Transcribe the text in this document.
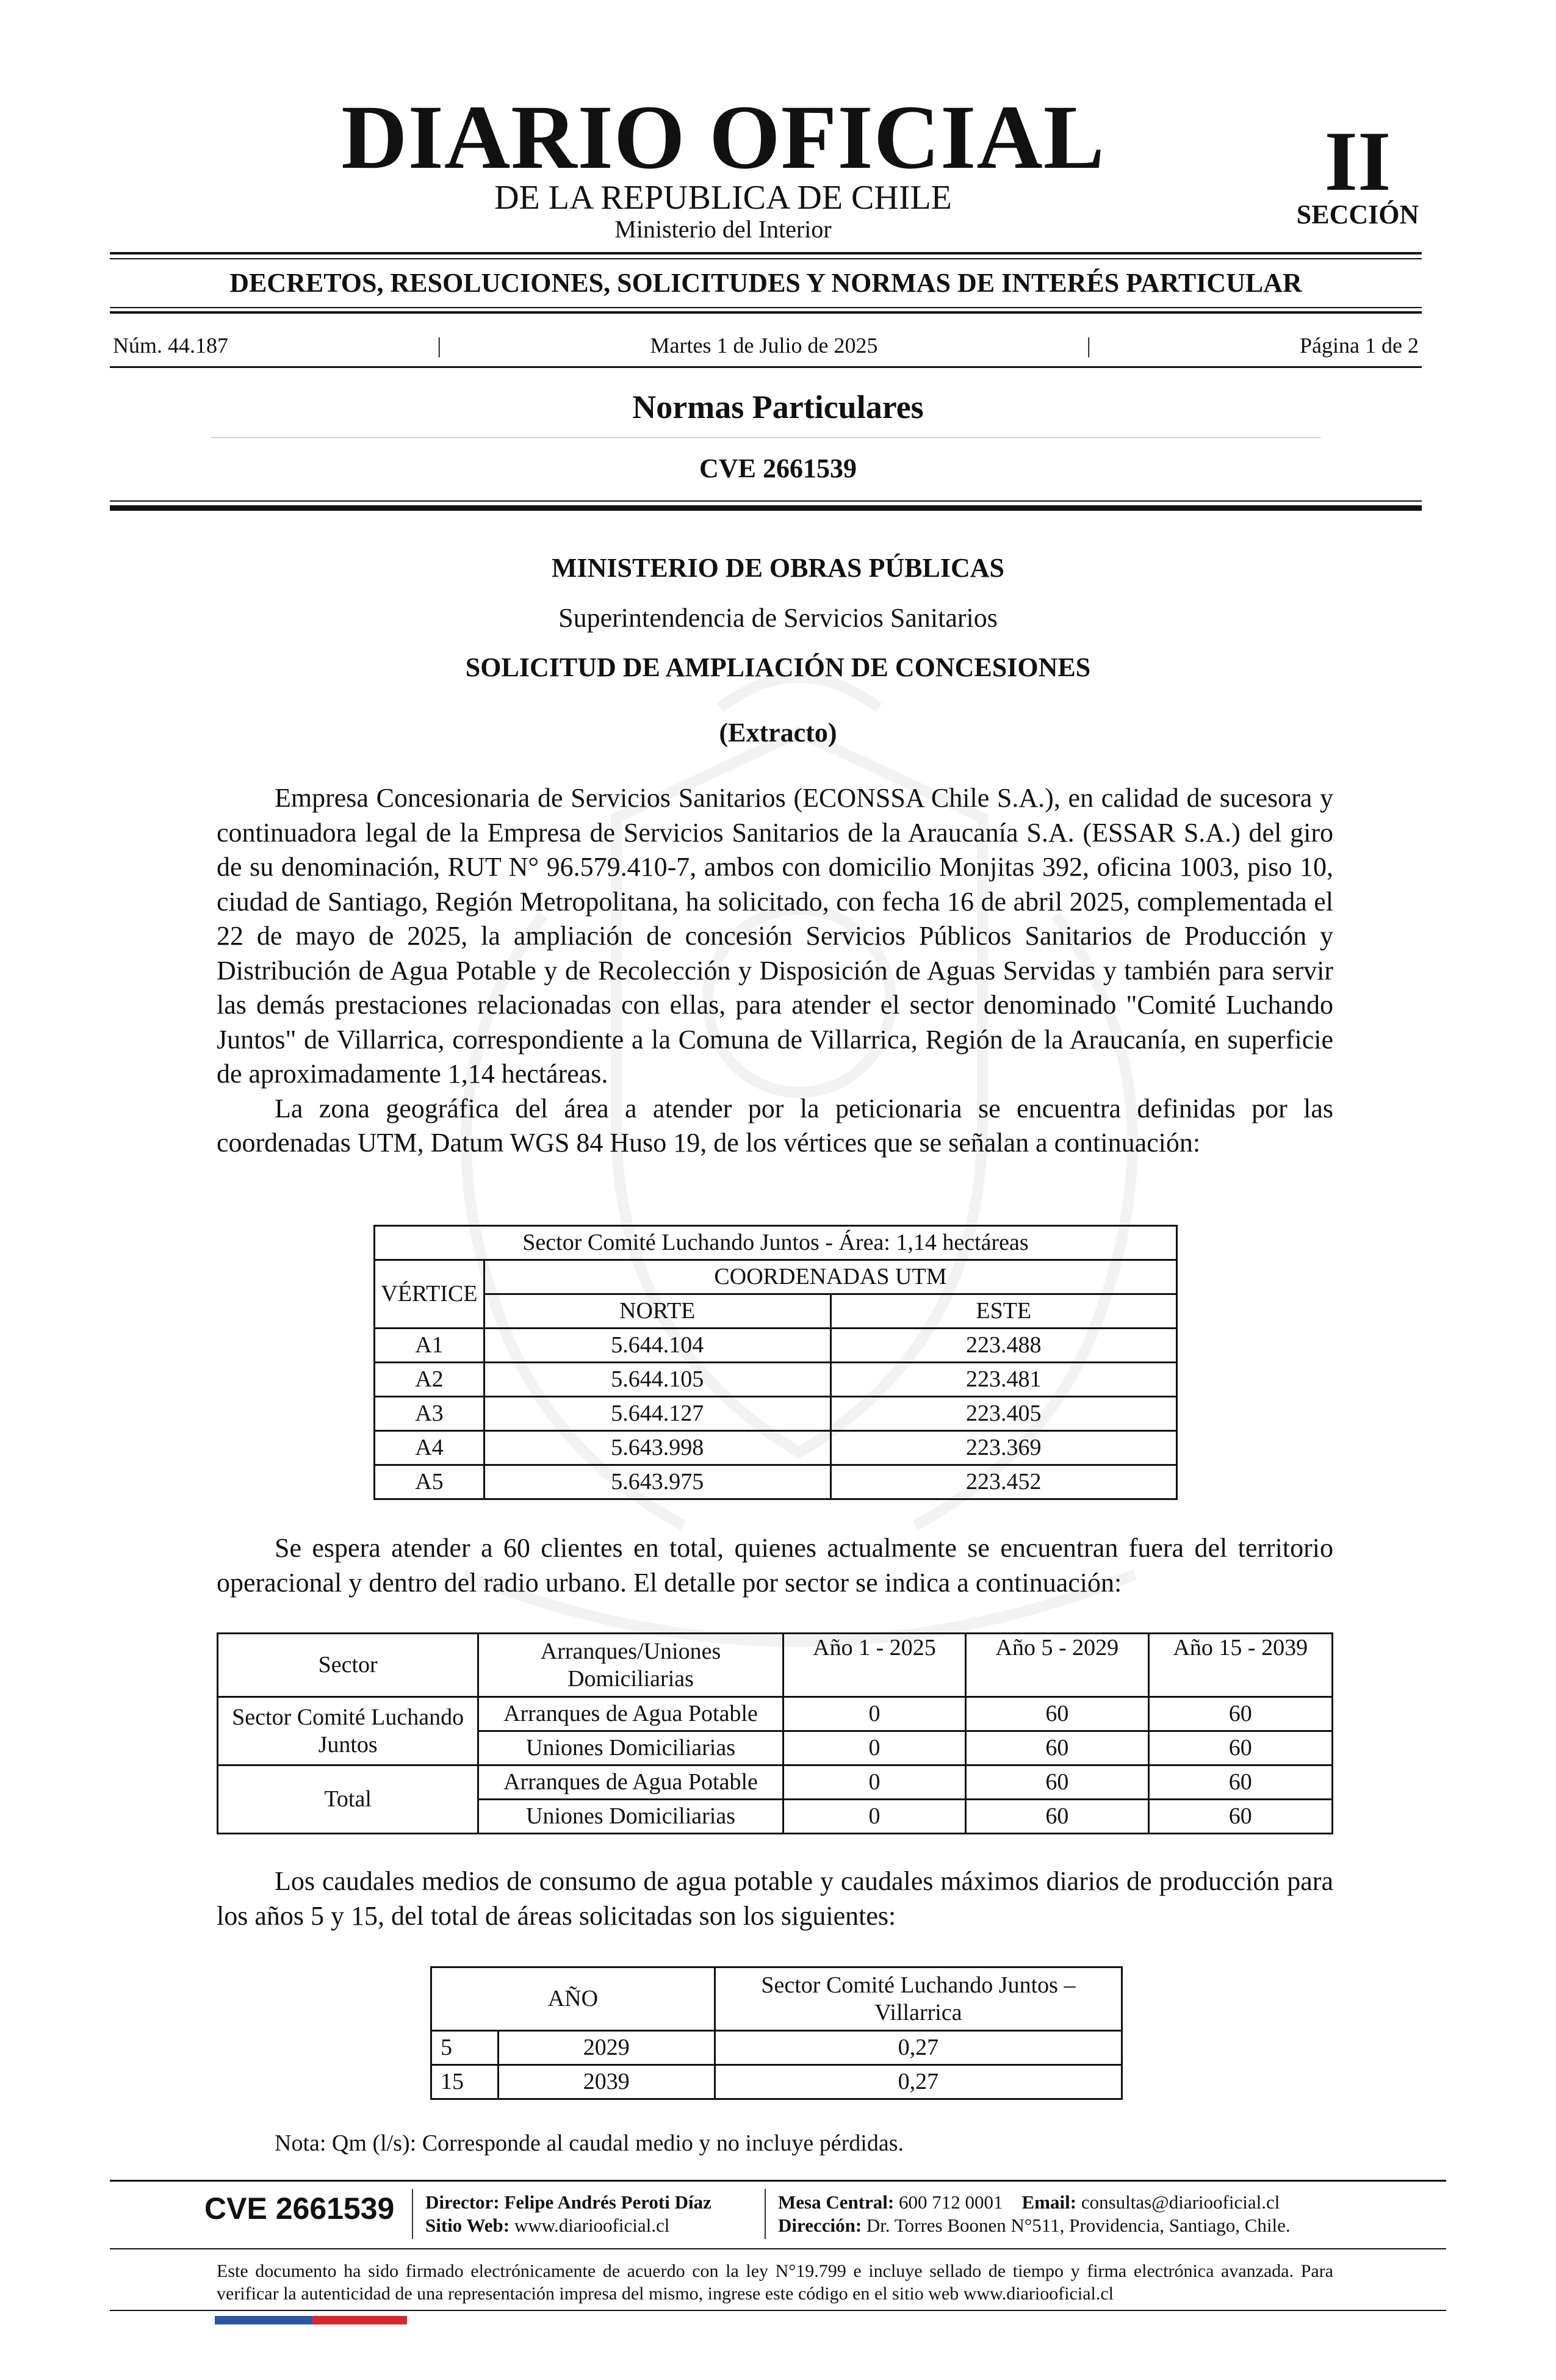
DIARIO OFICIAL
DE LA REPUBLICA DE CHILE
Ministerio del Interior
II
SECCIÓN
DECRETOS, RESOLUCIONES, SOLICITUDES Y NORMAS DE INTERÉS PARTICULAR
Núm. 44.187	|	Martes 1 de Julio de 2025	|	Página 1 de 2
Normas Particulares
CVE 2661539
MINISTERIO DE OBRAS PÚBLICAS
Superintendencia de Servicios Sanitarios
SOLICITUD DE AMPLIACIÓN DE CONCESIONES
(Extracto)

Empresa Concesionaria de Servicios Sanitarios (ECONSSA Chile S.A.), en calidad de sucesora y continuadora legal de la Empresa de Servicios Sanitarios de la Araucanía S.A. (ESSAR S.A.) del giro de su denominación, RUT N° 96.579.410-7, ambos con domicilio Monjitas 392, oficina 1003, piso 10, ciudad de Santiago, Región Metropolitana, ha solicitado, con fecha 16 de abril 2025, complementada el 22 de mayo de 2025, la ampliación de concesión Servicios Públicos Sanitarios de Producción y Distribución de Agua Potable y de Recolección y Disposición de Aguas Servidas y también para servir las demás prestaciones relacionadas con ellas, para atender el sector denominado "Comité Luchando Juntos" de Villarrica, correspondiente a la Comuna de Villarrica, Región de la Araucanía, en superficie de aproximadamente 1,14 hectáreas.

La zona geográfica del área a atender por la peticionaria se encuentra definidas por las coordenadas UTM, Datum WGS 84 Huso 19, de los vértices que se señalan a continuación:

Sector Comité Luchando Juntos - Área: 1,14 hectáreas		
VÉRTICE	COORDENADAS UTM	
	NORTE	ESTE
A1	5.644.104	223.488
A2	5.644.105	223.481
A3	5.644.127	223.405
A4	5.643.998	223.369
A5	5.643.975	223.452

Se espera atender a 60 clientes en total, quienes actualmente se encuentran fuera del territorio operacional y dentro del radio urbano. El detalle por sector se indica a continuación:

Sector	Arranques/Uniones Domiciliarias	Año 1 - 2025	Año 5 - 2029	Año 15 - 2039
Sector Comité Luchando Juntos	Arranques de Agua Potable	0	60	60
	Uniones Domiciliarias	0	60	60
Total	Arranques de Agua Potable	0	60	60
	Uniones Domiciliarias	0	60	60

Los caudales medios de consumo de agua potable y caudales máximos diarios de producción para los años 5 y 15, del total de áreas solicitadas son los siguientes:

AÑO		Sector Comité Luchando Juntos – Villarrica
5	2029	0,27
15	2039	0,27
Nota: Qm (l/s): Corresponde al caudal medio y no incluye pérdidas.
CVE 2661539 Director: Felipe Andrés Peroti Díaz
Sitio Web: www.diariooficial.cl
Mesa Central: 600 712 0001 Email: consultas@diariooficial.cl
Dirección: Dr. Torres Boonen N°511, Providencia, Santiago, Chile.
Este documento ha sido firmado electrónicamente de acuerdo con la ley N°19.799 e incluye sellado de tiempo y firma electrónica avanzada. Para verificar la autenticidad de una representación impresa del mismo, ingrese este código en el sitio web www.diariooficial.cl
